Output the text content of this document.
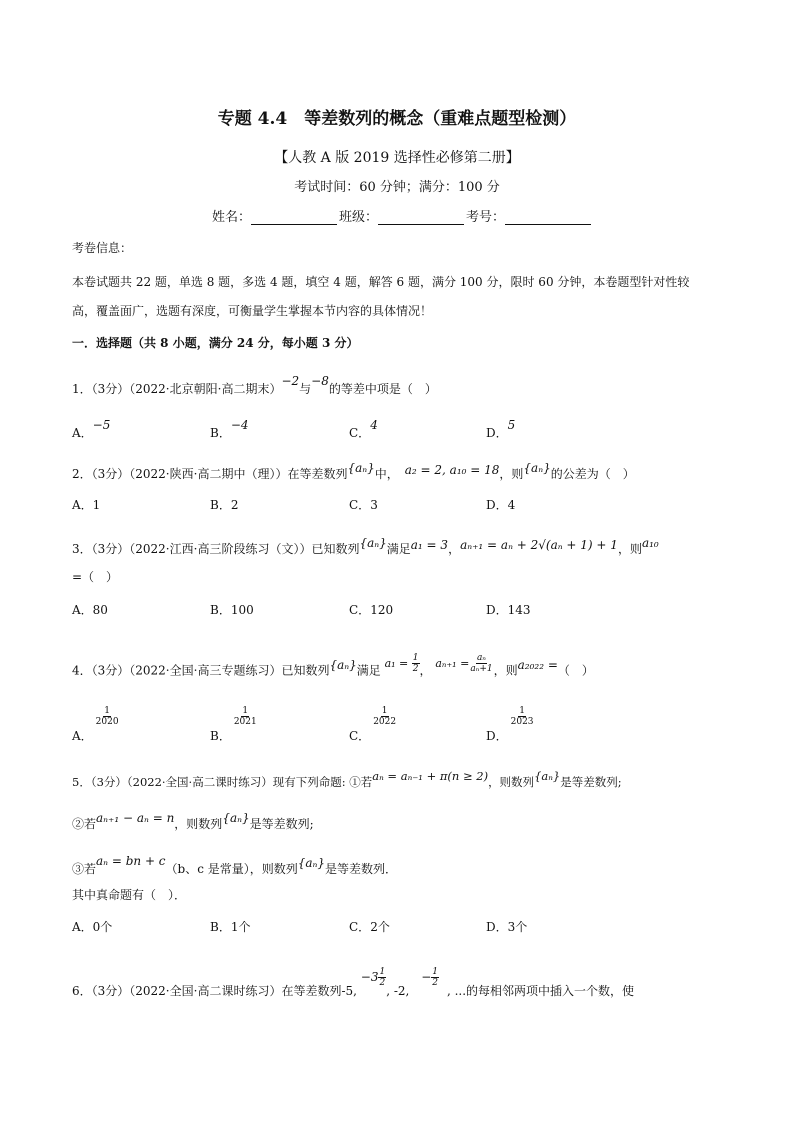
专题 4.4　等差数列的概念（重难点题型检测）
【人教 A 版 2019 选择性必修第二册】
考试时间：60 分钟；满分：100 分
姓名：	班级：	考号：
考卷信息：
本卷试题共 22 题，单选 8 题，多选 4 题，填空 4 题，解答 6 题，满分 100 分，限时 60 分钟，本卷题型针对性较
高，覆盖面广，选题有深度，可衡量学生掌握本节内容的具体情况！
一．选择题（共 8 小题，满分 24 分，每小题 3 分）
1．（3分）（2022·北京朝阳·高二期末）−2与−8的等差中项是（　）
A．−5
B．−4
C．4
D．5
2．（3分）（2022·陕西·高二期中（理））在等差数列{aₙ}中， a₂ = 2, a₁₀ = 18，则{aₙ}的公差为（　）
A．1	B．2	C．3	D．4
3．（3分）（2022·江西·高三阶段练习（文））已知数列{aₙ}满足a₁ = 3，aₙ₊₁ = aₙ + 2√(aₙ + 1) + 1，则a₁₀
=（　）
A．80	B．100	C．120	D．143
4．（3分）（2022·全国·高三专题练习）已知数列{aₙ}满足 $a_1 = \frac{1}{2}$ ， $a_{n+1} = \frac{\text{aₙ}}{\text{aₙ+1}}$ ，则a₂₀₂₂ =（　）
A．
$\frac{1}{2020}$
B．
$\frac{1}{2021}$
C．
$\frac{1}{2022}$
D．
$\frac{1}{2023}$
5．（3分）（2022·全国·高二课时练习）现有下列命题: ①若aₙ = aₙ₋₁ + π(n ≥ 2)，则数列{aₙ}是等差数列;
②若aₙ₊₁ − aₙ = n，则数列{aₙ}是等差数列;
③若aₙ = bn + c（b、c 是常量），则数列{aₙ}是等差数列．
其中真命题有（　）．
A．0个	B．1个	C．2个	D．3个
6．（3分）（2022·全国·高二课时练习）在等差数列-5, $-3 \frac{1}{2}$
, -2, − $\frac{1}{2}$
, ...的每相邻两项中插入一个数，使
